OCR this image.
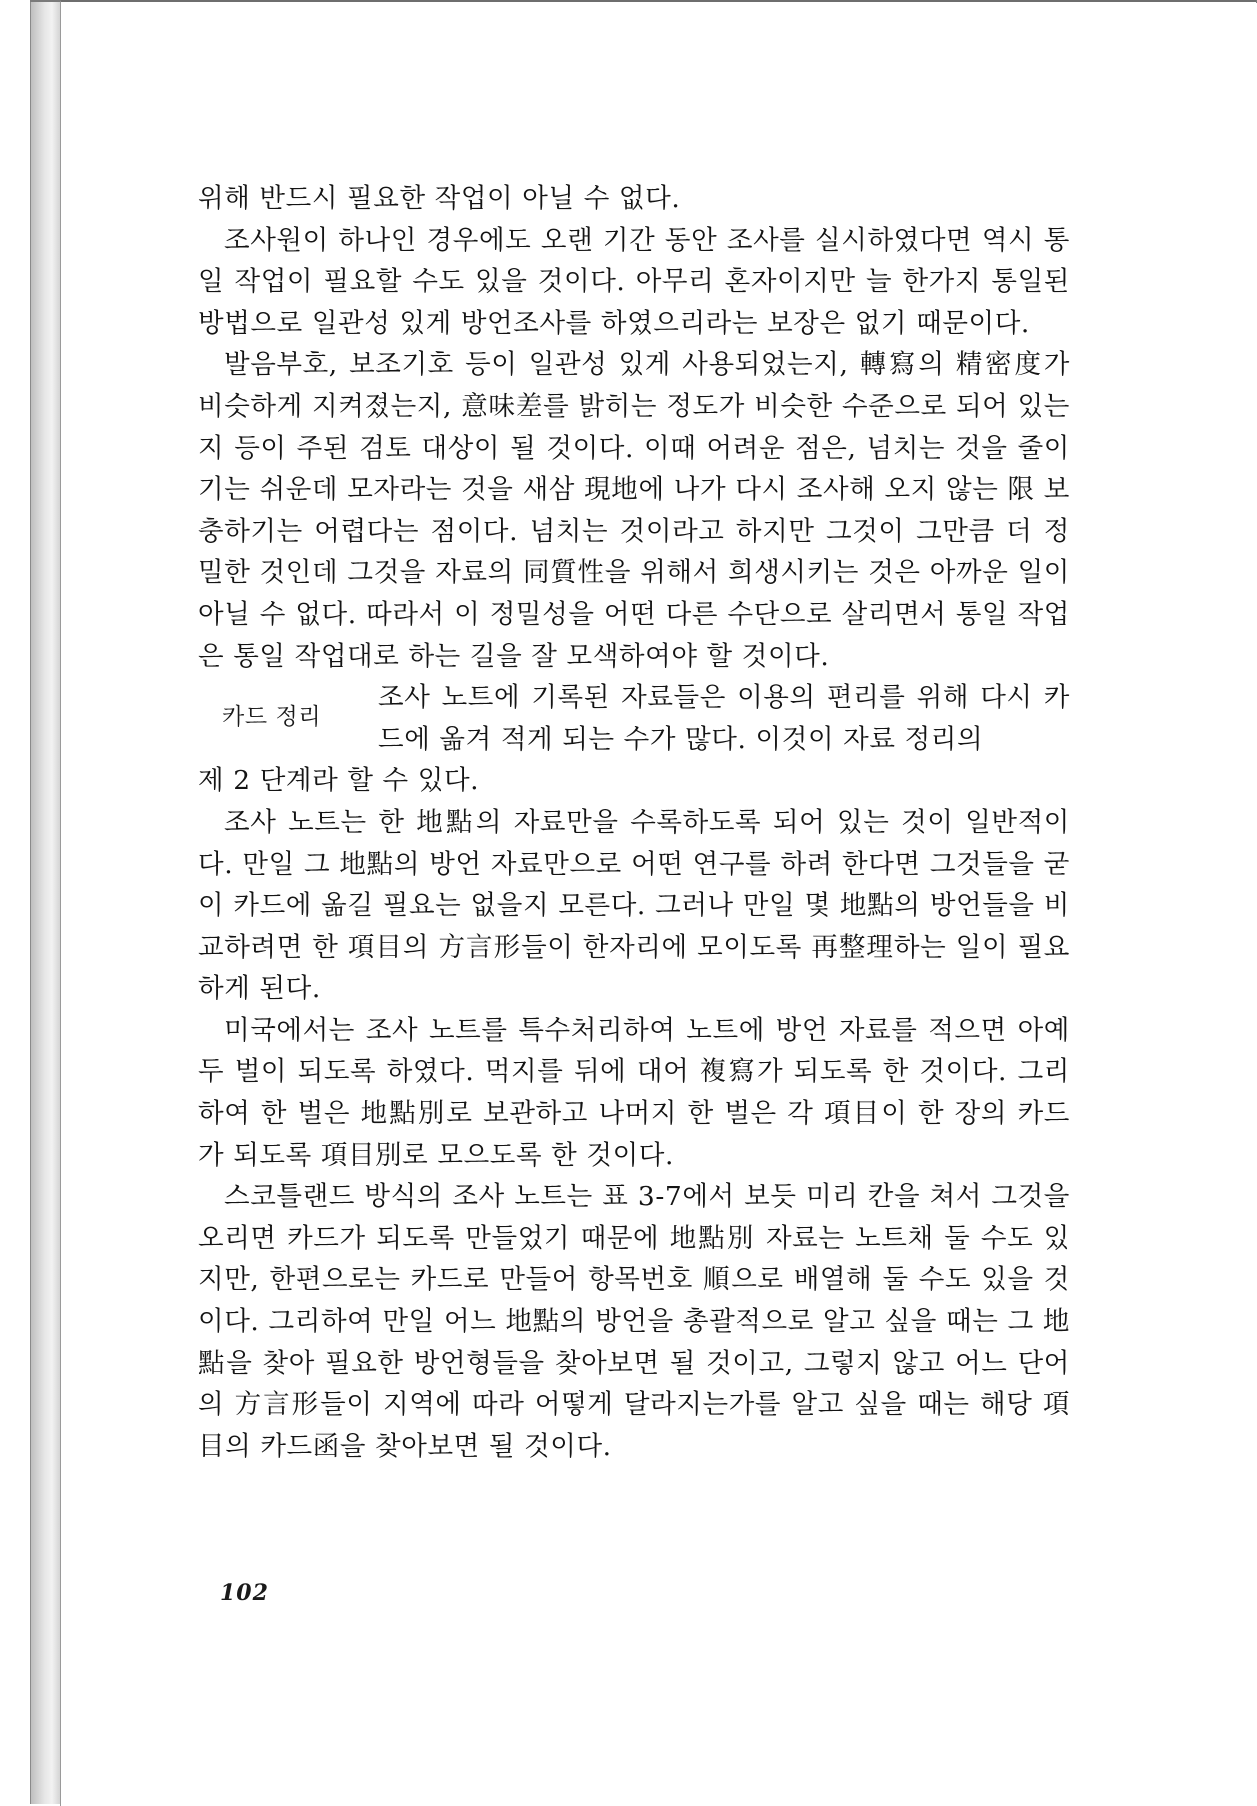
위해 반드시 필요한 작업이 아닐 수 없다.

조사원이 하나인 경우에도 오랜 기간 동안 조사를 실시하였다면 역시 통일 작업이 필요할 수도 있을 것이다. 아무리 혼자이지만 늘 한가지 통일된 방법으로 일관성 있게 방언조사를 하였으리라는 보장은 없기 때문이다.

발음부호, 보조기호 등이 일관성 있게 사용되었는지, 轉寫의 精密度가 비슷하게 지켜졌는지, 意味差를 밝히는 정도가 비슷한 수준으로 되어 있는지 등이 주된 검토 대상이 될 것이다. 이때 어려운 점은, 넘치는 것을 줄이기는 쉬운데 모자라는 것을 새삼 現地에 나가 다시 조사해 오지 않는 限 보충하기는 어렵다는 점이다. 넘치는 것이라고 하지만 그것이 그만큼 더 정밀한 것인데 그것을 자료의 同質性을 위해서 희생시키는 것은 아까운 일이 아닐 수 없다. 따라서 이 정밀성을 어떤 다른 수단으로 살리면서 통일 작업은 통일 작업대로 하는 길을 잘 모색하여야 할 것이다.

카드 정리

조사 노트에 기록된 자료들은 이용의 편리를 위해 다시 카드에 옮겨 적게 되는 수가 많다. 이것이 자료 정리의

제 2 단계라 할 수 있다.

조사 노트는 한 地點의 자료만을 수록하도록 되어 있는 것이 일반적이다. 만일 그 地點의 방언 자료만으로 어떤 연구를 하려 한다면 그것들을 굳이 카드에 옮길 필요는 없을지 모른다. 그러나 만일 몇 地點의 방언들을 비교하려면 한 項目의 方言形들이 한자리에 모이도록 再整理하는 일이 필요하게 된다.

미국에서는 조사 노트를 특수처리하여 노트에 방언 자료를 적으면 아예 두 벌이 되도록 하였다. 먹지를 뒤에 대어 複寫가 되도록 한 것이다. 그리하여 한 벌은 地點別로 보관하고 나머지 한 벌은 각 項目이 한 장의 카드가 되도록 項目別로 모으도록 한 것이다.

스코틀랜드 방식의 조사 노트는 표 3-7에서 보듯 미리 칸을 쳐서 그것을 오리면 카드가 되도록 만들었기 때문에 地點別 자료는 노트채 둘 수도 있지만, 한편으로는 카드로 만들어 항목번호 順으로 배열해 둘 수도 있을 것이다. 그리하여 만일 어느 地點의 방언을 총괄적으로 알고 싶을 때는 그 地點을 찾아 필요한 방언형들을 찾아보면 될 것이고, 그렇지 않고 어느 단어의 方言形들이 지역에 따라 어떻게 달라지는가를 알고 싶을 때는 해당 項目의 카드函을 찾아보면 될 것이다.

102
